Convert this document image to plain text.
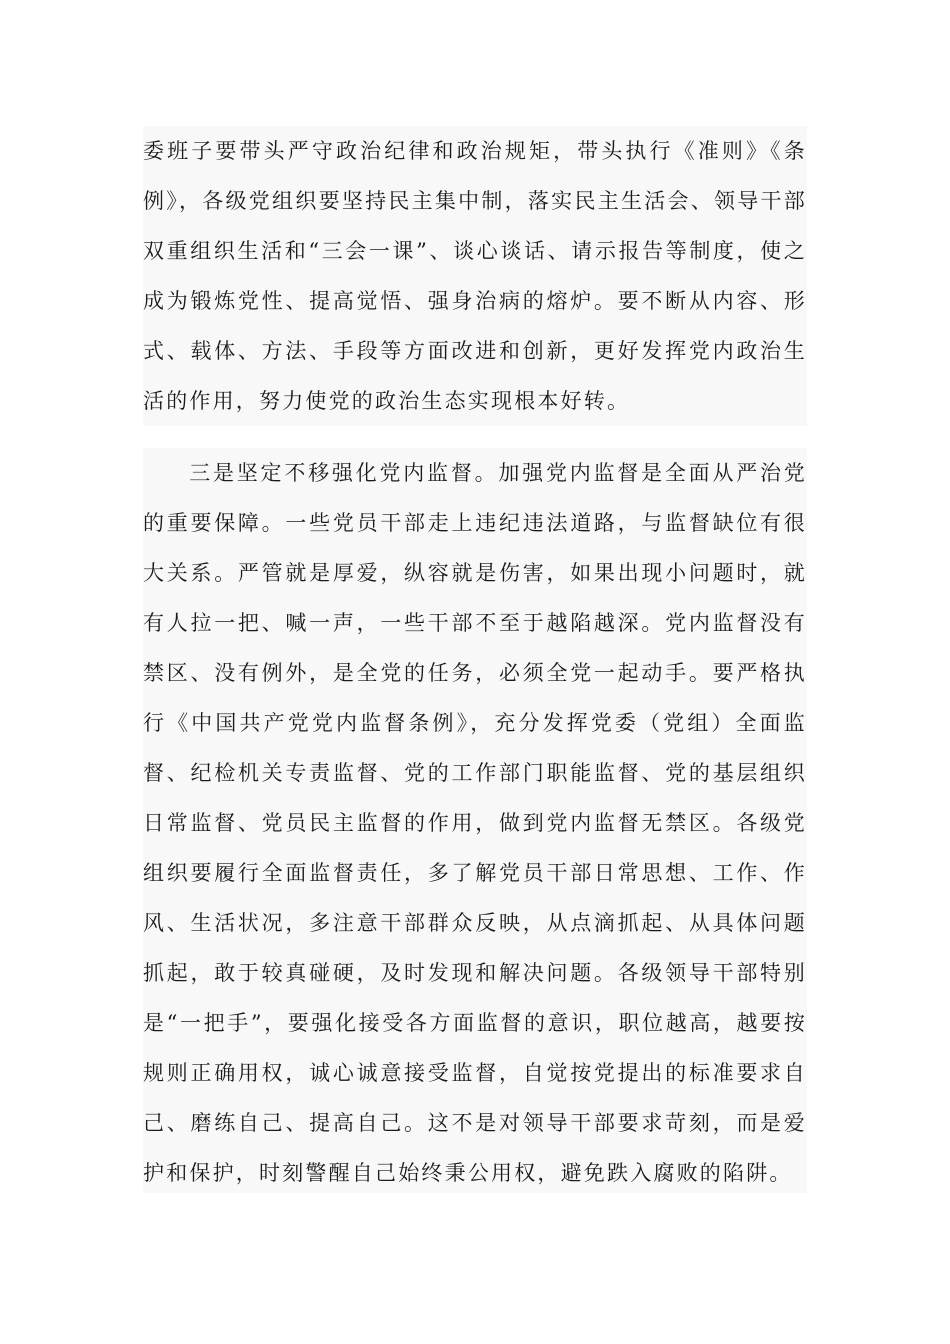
委班子要带头严守政治纪律和政治规矩，带头执行《准则》《条例》，各级党组织要坚持民主集中制，落实民主生活会、领导干部双重组织生活和“三会一课”、谈心谈话、请示报告等制度，使之成为锻炼党性、提高觉悟、强身治病的熔炉。要不断从内容、形式、载体、方法、手段等方面改进和创新，更好发挥党内政治生活的作用，努力使党的政治生态实现根本好转。

三是坚定不移强化党内监督。加强党内监督是全面从严治党的重要保障。一些党员干部走上违纪违法道路，与监督缺位有很大关系。严管就是厚爱，纵容就是伤害，如果出现小问题时，就有人拉一把、喊一声，一些干部不至于越陷越深。党内监督没有禁区、没有例外，是全党的任务，必须全党一起动手。要严格执行《中国共产党党内监督条例》，充分发挥党委（党组）全面监督、纪检机关专责监督、党的工作部门职能监督、党的基层组织日常监督、党员民主监督的作用，做到党内监督无禁区。各级党组织要履行全面监督责任，多了解党员干部日常思想、工作、作风、生活状况，多注意干部群众反映，从点滴抓起、从具体问题抓起，敢于较真碰硬，及时发现和解决问题。各级领导干部特别是“一把手”，要强化接受各方面监督的意识，职位越高，越要按规则正确用权，诚心诚意接受监督，自觉按党提出的标准要求自己、磨练自己、提高自己。这不是对领导干部要求苛刻，而是爱护和保护，时刻警醒自己始终秉公用权，避免跌入腐败的陷阱。
